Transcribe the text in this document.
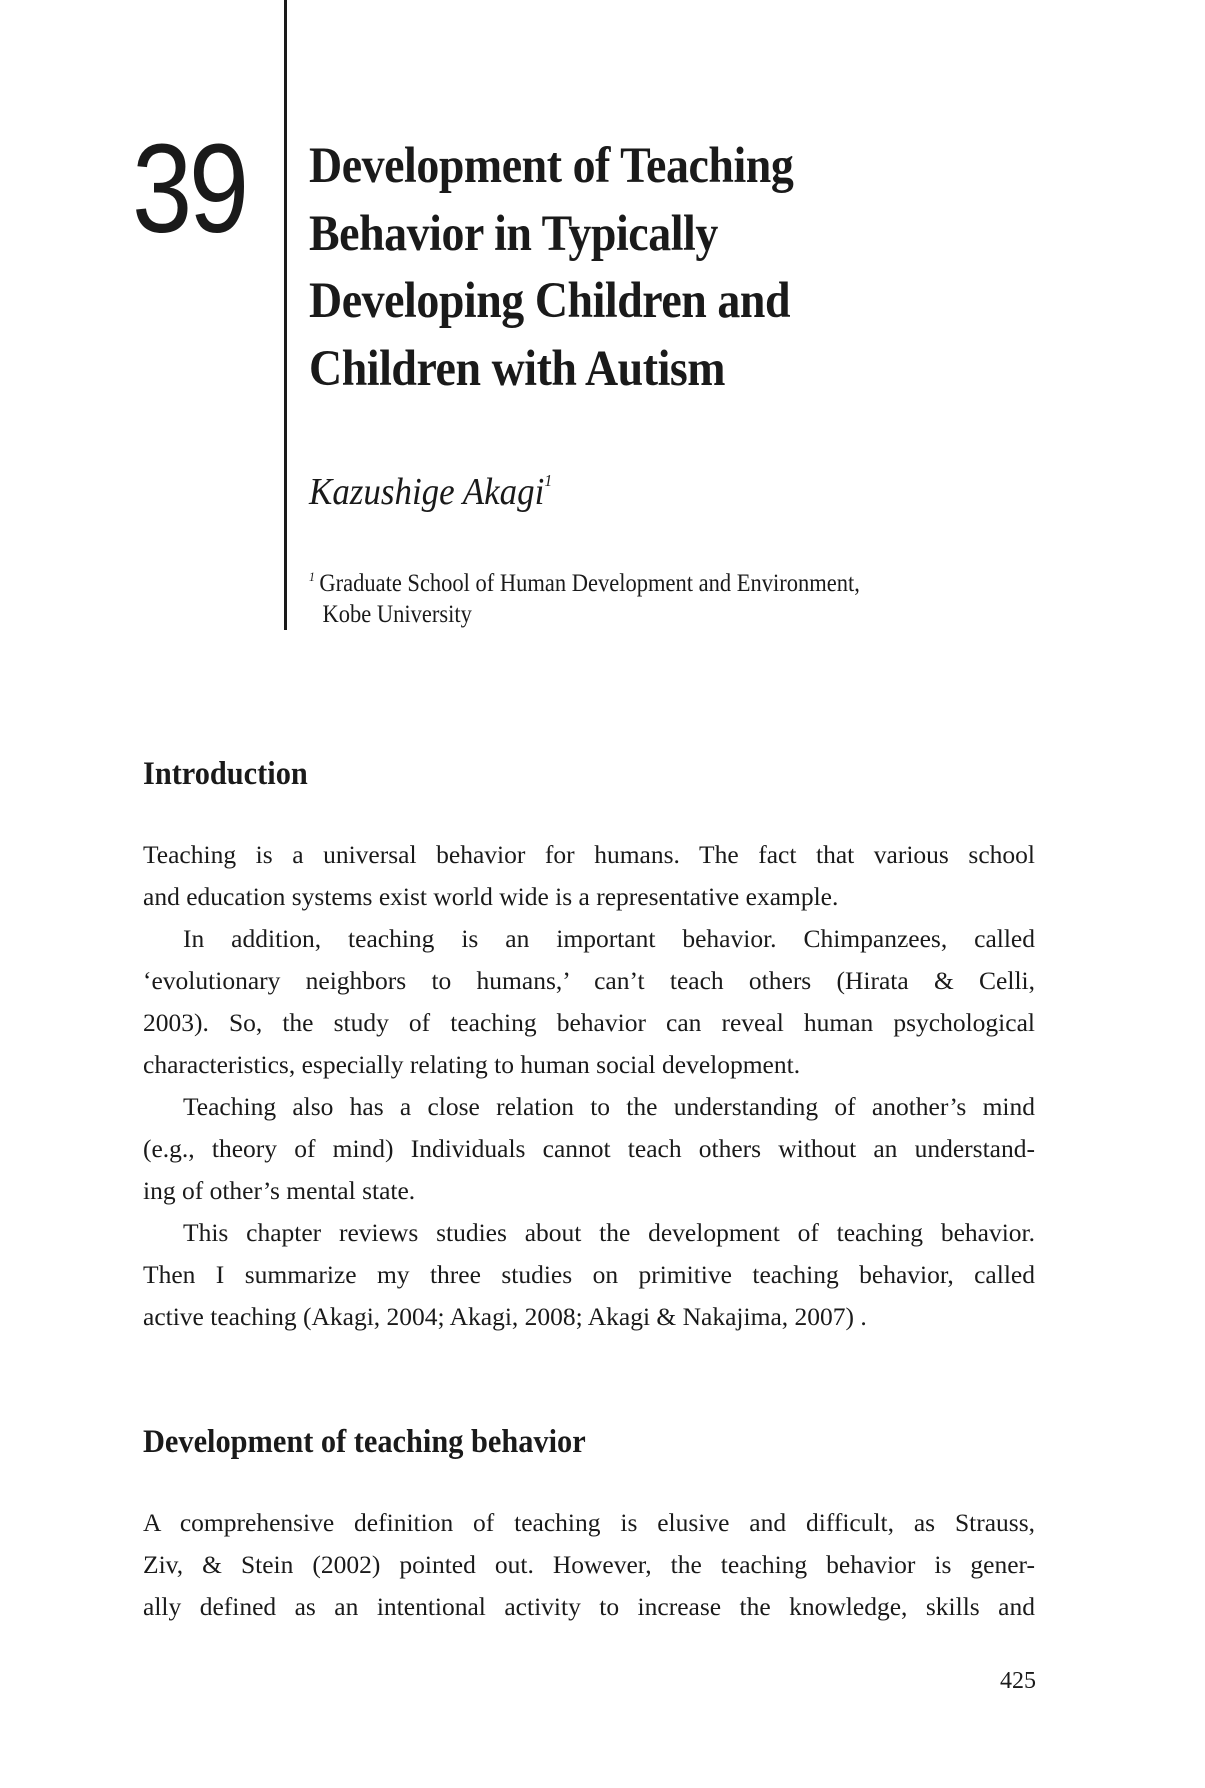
39 Development of Teaching
Behavior in Typically
Developing Children and
Children with Autism
Kazushige Akagi$^1$
$^1$ Graduate School of Human Development and Environment,
Kobe University
Introduction
Teaching is a universal behavior for humans. The fact that various school
and education systems exist world wide is a representative example.
In addition, teaching is an important behavior. Chimpanzees, called
‘evolutionary neighbors to humans,’ can’t teach others (Hirata & Celli,
2003). So, the study of teaching behavior can reveal human psychological
characteristics, especially relating to human social development.
Teaching also has a close relation to the understanding of another’s mind
(e.g., theory of mind) Individuals cannot teach others without an understand-
ing of other’s mental state.
This chapter reviews studies about the development of teaching behavior.
Then I summarize my three studies on primitive teaching behavior, called
active teaching (Akagi, 2004; Akagi, 2008; Akagi & Nakajima, 2007) .
Development of teaching behavior
A comprehensive definition of teaching is elusive and difficult, as Strauss,
Ziv, & Stein (2002) pointed out. However, the teaching behavior is gener-
ally defined as an intentional activity to increase the knowledge, skills and
425
